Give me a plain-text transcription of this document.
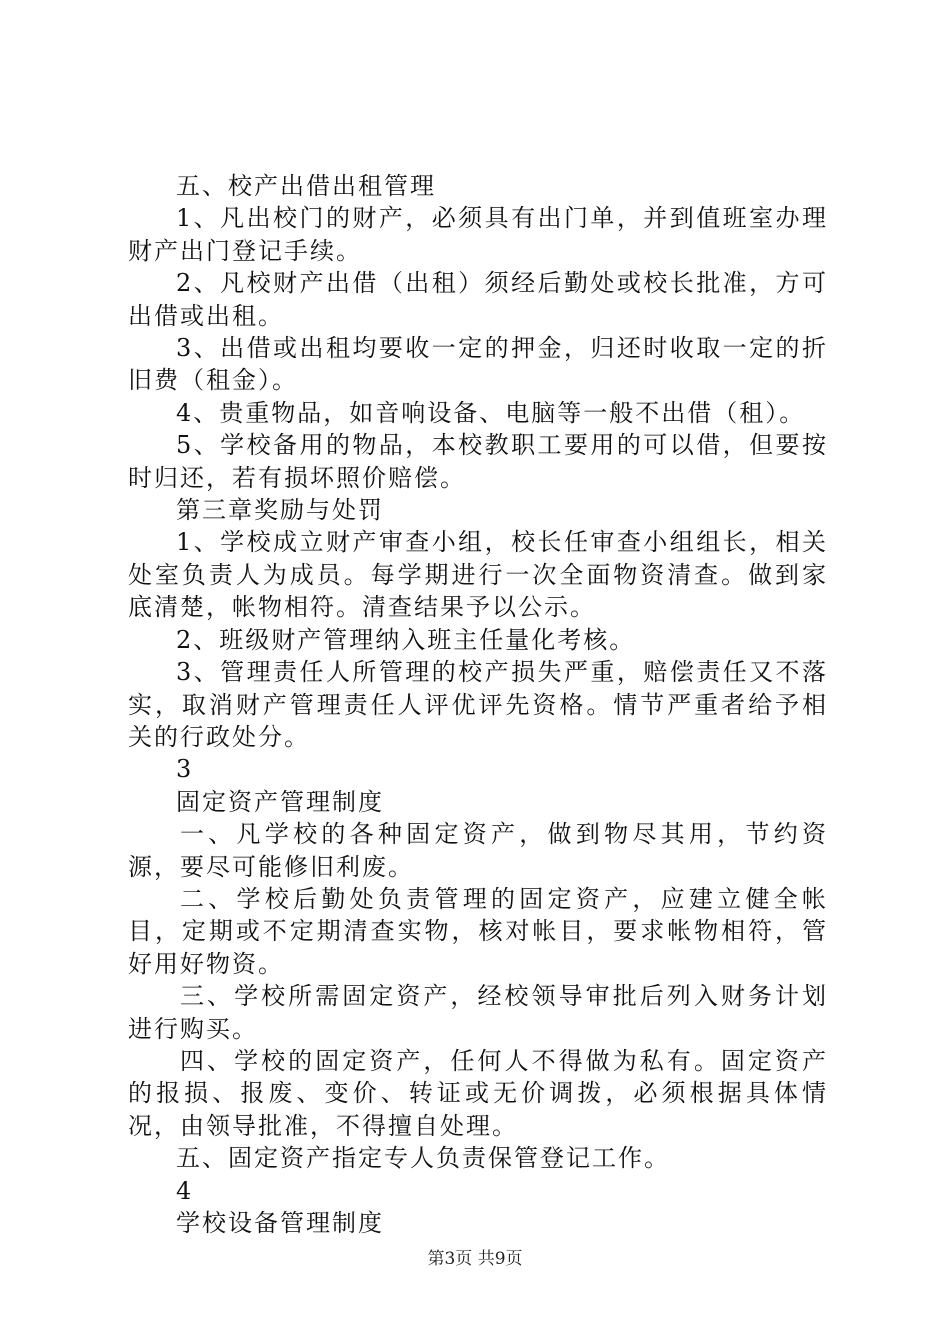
五、校产出借出租管理

1、凡出校门的财产，必须具有出门单，并到值班室办理财产出门登记手续。

2、凡校财产出借（出租）须经后勤处或校长批准，方可出借或出租。

3、出借或出租均要收一定的押金，归还时收取一定的折旧费（租金）。

4、贵重物品，如音响设备、电脑等一般不出借（租）。

5、学校备用的物品，本校教职工要用的可以借，但要按时归还，若有损坏照价赔偿。

第三章奖励与处罚

1、学校成立财产审查小组，校长任审查小组组长，相关处室负责人为成员。每学期进行一次全面物资清查。做到家底清楚，帐物相符。清查结果予以公示。

2、班级财产管理纳入班主任量化考核。

3、管理责任人所管理的校产损失严重，赔偿责任又不落实，取消财产管理责任人评优评先资格。情节严重者给予相关的行政处分。

3

固定资产管理制度

一、凡学校的各种固定资产，做到物尽其用，节约资源，要尽可能修旧利废。

二、学校后勤处负责管理的固定资产，应建立健全帐目，定期或不定期清查实物，核对帐目，要求帐物相符，管好用好物资。

三、学校所需固定资产，经校领导审批后列入财务计划进行购买。

四、学校的固定资产，任何人不得做为私有。固定资产的报损、报废、变价、转证或无价调拨，必须根据具体情况，由领导批准，不得擅自处理。

五、固定资产指定专人负责保管登记工作。

4

学校设备管理制度

第3页 共9页
